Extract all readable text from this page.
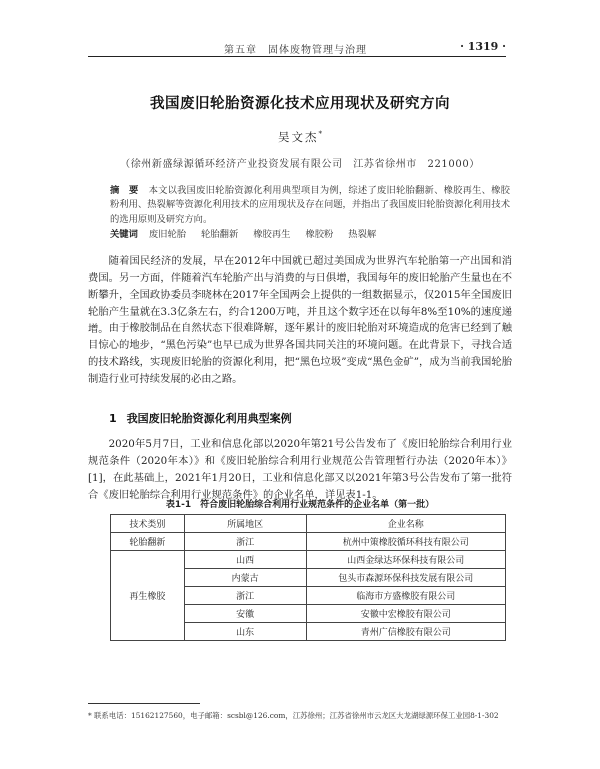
第五章　固体废物管理与治理	· 1319 ·
我国废旧轮胎资源化技术应用现状及研究方向
吴文杰*
（徐州新盛绿源循环经济产业投资发展有限公司　江苏省徐州市　221000）
摘　要 本文以我国废旧轮胎资源化利用典型项目为例，综述了废旧轮胎翻新、橡胶再生、橡胶粉利用、热裂解等资源化利用技术的应用现状及存在问题，并指出了我国废旧轮胎资源化利用技术的选用原则及研究方向。
关键词 废旧轮胎 轮胎翻新 橡胶再生 橡胶粉 热裂解
随着国民经济的发展，早在2012年中国就已超过美国成为世界汽车轮胎第一产出国和消费国。另一方面，伴随着汽车轮胎产出与消费的与日俱增，我国每年的废旧轮胎产生量也在不断攀升，全国政协委员李晓林在2017年全国两会上提供的一组数据显示，仅2015年全国废旧轮胎产生量就在3.3亿条左右，约合1200万吨，并且这个数字还在以每年8%至10%的速度递增。 由于橡胶制品在自然状态下很难降解，逐年累计的废旧轮胎对环境造成的危害已经到了触目惊心的地步，“黑色污染”也早已成为世界各国共同关注的环境问题。在此背景下，寻找合适的技术路线，实现废旧轮胎的资源化利用，把“黑色垃圾”变成“黑色金矿”，成为当前我国轮胎制造行业可持续发展的必由之路。
1 我国废旧轮胎资源化利用典型案例
2020年5月7日，工业和信息化部以2020年第21号公告发布了《废旧轮胎综合利用行业规范条件（2020年本）》和《废旧轮胎综合利用行业规范公告管理暂行办法（2020年本）》[1]，在此基础上，2021年1月20日，工业和信息化部又以2021年第3号公告发布了第一批符合《废旧轮胎综合利用行业规范条件》的企业名单，详见表1-1。
表1-1　符合废旧轮胎综合利用行业规范条件的企业名单（第一批）
技术类别	所属地区	企业名称
轮胎翻新	浙江	杭州中策橡胶循环科技有限公司
再生橡胶	山西	山西金绿达环保科技有限公司
	内蒙古	包头市森源环保科技发展有限公司
	浙江	临海市方盛橡胶有限公司
	安徽	安徽中宏橡胶有限公司
	山东	青州广信橡胶有限公司
* 联系电话：15162127560，电子邮箱：scsbl@126.com，江苏徐州；江苏省徐州市云龙区大龙湖绿源环保工业园8-1-302
